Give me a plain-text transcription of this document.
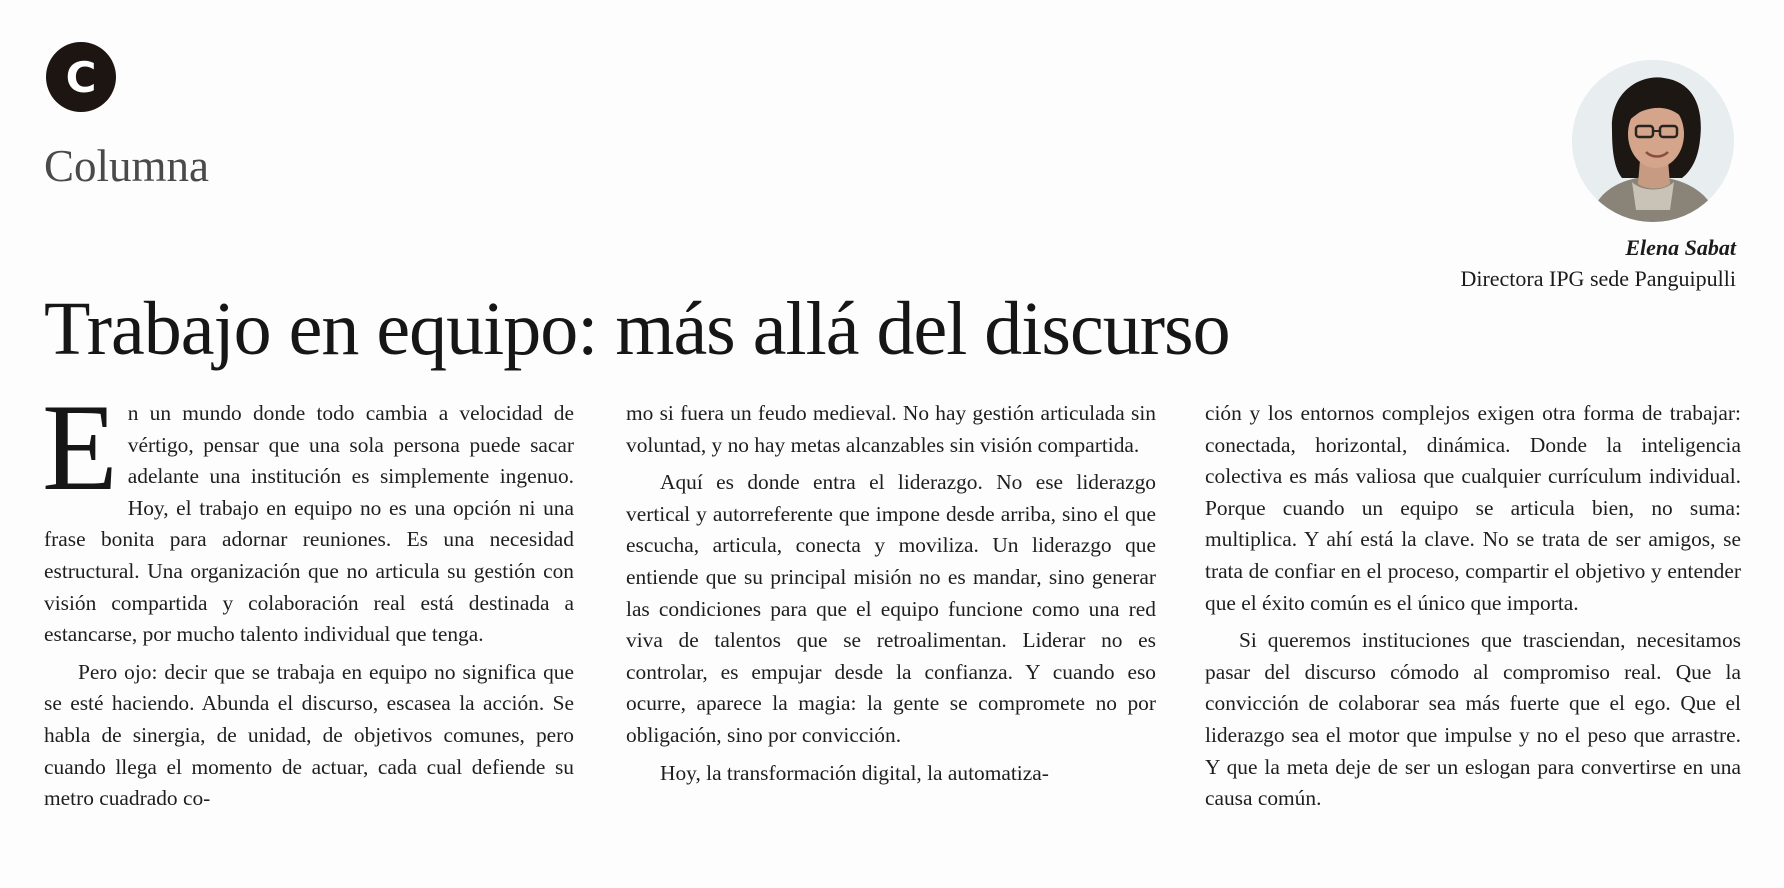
C
Columna
Elena Sabat
Directora IPG sede Panguipulli
Trabajo en equipo: más allá del discurso

En un mundo donde todo cambia a velocidad de vértigo, pensar que una sola persona puede sacar adelante una institución es simplemente ingenuo. Hoy, el trabajo en equipo no es una opción ni una frase bonita para adornar reuniones. Es una necesidad estructural. Una organización que no articula su gestión con visión compartida y colaboración real está destinada a estancarse, por mucho talento individual que tenga.

Pero ojo: decir que se trabaja en equipo no significa que se esté haciendo. Abunda el discurso, escasea la acción. Se habla de sinergia, de unidad, de objetivos comunes, pero cuando llega el momento de actuar, cada cual defiende su metro cuadrado co-

mo si fuera un feudo medieval. No hay gestión articulada sin voluntad, y no hay metas alcanzables sin visión compartida.

Aquí es donde entra el liderazgo. No ese liderazgo vertical y autorreferente que impone desde arriba, sino el que escucha, articula, conecta y moviliza. Un liderazgo que entiende que su principal misión no es mandar, sino generar las condiciones para que el equipo funcione como una red viva de talentos que se retroalimentan. Liderar no es controlar, es empujar desde la confianza. Y cuando eso ocurre, aparece la magia: la gente se compromete no por obligación, sino por convicción.

Hoy, la transformación digital, la automatiza-

ción y los entornos complejos exigen otra forma de trabajar: conectada, horizontal, dinámica. Donde la inteligencia colectiva es más valiosa que cualquier currículum individual. Porque cuando un equipo se articula bien, no suma: multiplica. Y ahí está la clave. No se trata de ser amigos, se trata de confiar en el proceso, compartir el objetivo y entender que el éxito común es el único que importa.

Si queremos instituciones que trasciendan, necesitamos pasar del discurso cómodo al compromiso real. Que la convicción de colaborar sea más fuerte que el ego. Que el liderazgo sea el motor que impulse y no el peso que arrastre. Y que la meta deje de ser un eslogan para convertirse en una causa común.
